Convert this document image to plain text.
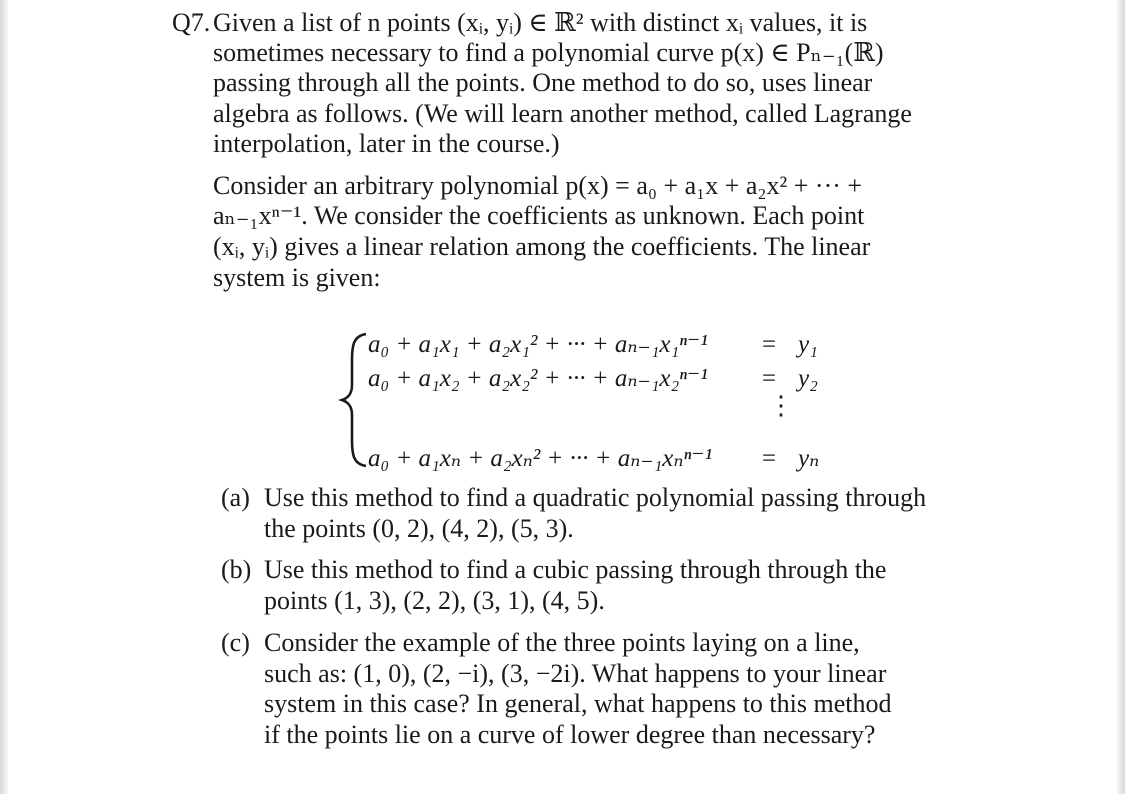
Q7. Given a list of n points (xᵢ, yᵢ) ∈ ℝ² with distinct xᵢ values, it is
sometimes necessary to find a polynomial curve p(x) ∈ Pₙ₋₁(ℝ)
passing through all the points. One method to do so, uses linear
algebra as follows. (We will learn another method, called Lagrange
interpolation, later in the course.)
Consider an arbitrary polynomial p(x) = a₀ + a₁x + a₂x² + ··· +
aₙ₋₁xⁿ⁻¹. We consider the coefficients as unknown. Each point
(xᵢ, yᵢ) gives a linear relation among the coefficients. The linear
system is given:
a₀ + a₁x₁ + a₂x₁² + ··· + aₙ₋₁x₁ⁿ⁻¹ = y₁
a₀ + a₁x₂ + a₂x₂² + ··· + aₙ₋₁x₂ⁿ⁻¹ = y₂
⋮
a₀ + a₁xₙ + a₂xₙ² + ··· + aₙ₋₁xₙⁿ⁻¹ = yₙ
(a) Use this method to find a quadratic polynomial passing through
the points (0, 2), (4, 2), (5, 3).
(b) Use this method to find a cubic passing through through the
points (1, 3), (2, 2), (3, 1), (4, 5).
(c) Consider the example of the three points laying on a line,
such as: (1, 0), (2, −i), (3, −2i). What happens to your linear
system in this case? In general, what happens to this method
if the points lie on a curve of lower degree than necessary?
